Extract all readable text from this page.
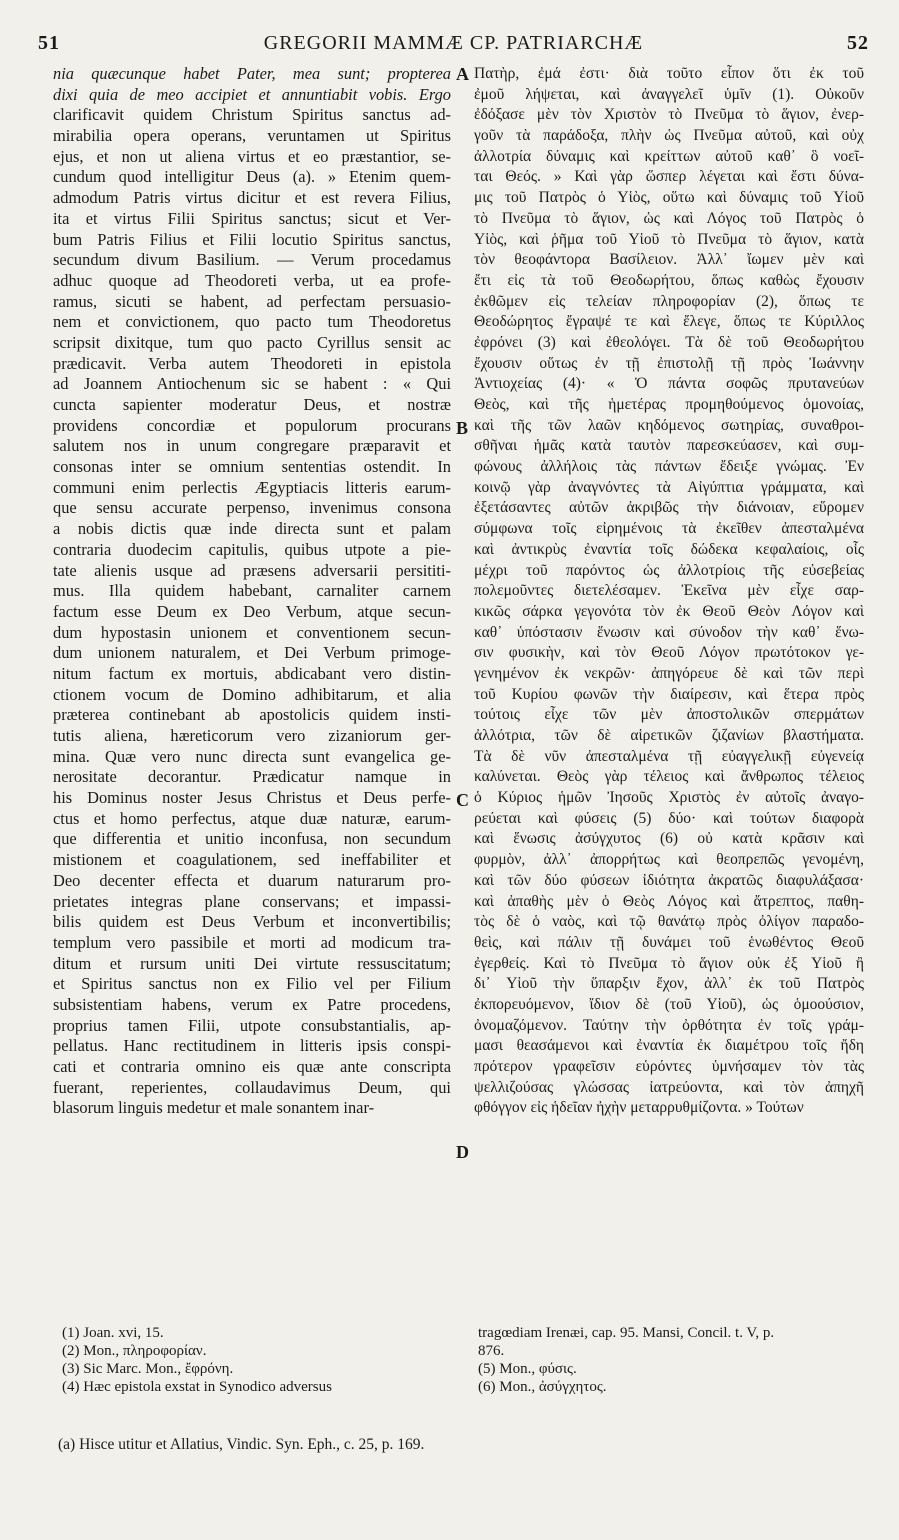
51	GREGORII MAMMÆ CP. PATRIARCHÆ	52
nia quæcunque habet Pater, mea sunt; propterea
dixi quia de meo accipiet et annuntiabit vobis. Ergo
clarificavit quidem Christum Spiritus sanctus ad-
mirabilia opera operans, veruntamen ut Spiritus
ejus, et non ut aliena virtus et eo præstantior, se-
cundum quod intelligitur Deus (a). » Etenim quem-
admodum Patris virtus dicitur et est revera Filius,
ita et virtus Filii Spiritus sanctus; sicut et Ver-
bum Patris Filius et Filii locutio Spiritus sanctus,
secundum divum Basilium. — Verum procedamus
adhuc quoque ad Theodoreti verba, ut ea profe-
ramus, sicuti se habent, ad perfectam persuasio-
nem et convictionem, quo pacto tum Theodoretus
scripsit dixitque, tum quo pacto Cyrillus sensit ac
prædicavit. Verba autem Theodoreti in epistola
ad Joannem Antiochenum sic se habent : « Qui
cuncta sapienter moderatur Deus, et nostræ
providens concordiæ et populorum procurans
salutem nos in unum congregare præparavit et
consonas inter se omnium sententias ostendit. In
communi enim perlectis Ægyptiacis litteris earum-
que sensu accurate perpenso, invenimus consona
a nobis dictis quæ inde directa sunt et palam
contraria duodecim capitulis, quibus utpote a pie-
tate alienis usque ad præsens adversarii persititi-
mus. Illa quidem habebant, carnaliter carnem
factum esse Deum ex Deo Verbum, atque secun-
dum hypostasin unionem et conventionem secun-
dum unionem naturalem, et Dei Verbum primoge-
nitum factum ex mortuis, abdicabant vero distin-
ctionem vocum de Domino adhibitarum, et alia
præterea continebant ab apostolicis quidem insti-
tutis aliena, hæreticorum vero zizaniorum ger-
mina. Quæ vero nunc directa sunt evangelica ge-
nerositate decorantur. Prædicatur namque in
his Dominus noster Jesus Christus et Deus perfe-
ctus et homo perfectus, atque duæ naturæ, earum-
que differentia et unitio inconfusa, non secundum
mistionem et coagulationem, sed ineffabiliter et
Deo decenter effecta et duarum naturarum pro-
prietates integras plane conservans; et impassi-
bilis quidem est Deus Verbum et inconvertibilis;
templum vero passibile et morti ad modicum tra-
ditum et rursum uniti Dei virtute ressuscitatum;
et Spiritus sanctus non ex Filio vel per Filium
subsistentiam habens, verum ex Patre procedens,
proprius tamen Filii, utpote consubstantialis, ap-
pellatus. Hanc rectitudinem in litteris ipsis conspi-
cati et contraria omnino eis quæ ante conscripta
fuerant, reperientes, collaudavimus Deum, qui
blasorum linguis medetur et male sonantem inar-
Πατὴρ, ἐμά ἐστι· διὰ τοῦτο εἶπον ὅτι ἐκ τοῦ
ἐμοῦ λήψεται, καὶ ἀναγγελεῖ ὑμῖν (1). Οὐκοῦν
ἐδόξασε μὲν τὸν Χριστὸν τὸ Πνεῦμα τὸ ἅγιον, ἐνερ-
γοῦν τὰ παράδοξα, πλὴν ὡς Πνεῦμα αὐτοῦ, καὶ οὐχ
ἀλλοτρία δύναμις καὶ κρείττων αὐτοῦ καθ᾽ ὃ νοεῖ-
ται Θεός. » Καὶ γὰρ ὥσπερ λέγεται καὶ ἔστι δύνα-
μις τοῦ Πατρὸς ὁ Υἱὸς, οὕτω καὶ δύναμις τοῦ Υἱοῦ
τὸ Πνεῦμα τὸ ἅγιον, ὡς καὶ Λόγος τοῦ Πατρὸς ὁ
Υἱὸς, καὶ ῥῆμα τοῦ Υἱοῦ τὸ Πνεῦμα τὸ ἅγιον, κατὰ
τὸν θεοφάντορα Βασίλειον. Ἀλλ᾽ ἴωμεν μὲν καὶ
ἔτι εἰς τὰ τοῦ Θεοδωρήτου, ὅπως καθὼς ἔχουσιν
ἐκθῶμεν εἰς τελείαν πληροφορίαν (2), ὅπως τε
Θεοδώρητος ἔγραψέ τε καὶ ἔλεγε, ὅπως τε Κύριλλος
ἐφρόνει (3) καὶ ἐθεολόγει. Τὰ δὲ τοῦ Θεοδωρήτου
ἔχουσιν οὕτως ἐν τῇ ἐπιστολῇ τῇ πρὸς Ἰωάννην
Ἀντιοχείας (4)· « Ὁ πάντα σοφῶς πρυτανεύων
Θεὸς, καὶ τῆς ἡμετέρας προμηθούμενος ὁμονοίας,
καὶ τῆς τῶν λαῶν κηδόμενος σωτηρίας, συναθροι-
σθῆναι ἡμᾶς κατὰ ταυτὸν παρεσκεύασεν, καὶ συμ-
φώνους ἀλλήλοις τὰς πάντων ἔδειξε γνώμας. Ἐν
κοινῷ γὰρ ἀναγνόντες τὰ Αἰγύπτια γράμματα, καὶ
ἐξετάσαντες αὐτῶν ἀκριβῶς τὴν διάνοιαν, εὕρομεν
σύμφωνα τοῖς εἰρημένοις τὰ ἐκεῖθεν ἀπεσταλμένα
καὶ ἀντικρὺς ἐναντία τοῖς δώδεκα κεφαλαίοις, οἷς
μέχρι τοῦ παρόντος ὡς ἀλλοτρίοις τῆς εὐσεβείας
πολεμοῦντες διετελέσαμεν. Ἐκεῖνα μὲν εἶχε σαρ-
κικῶς σάρκα γεγονότα τὸν ἐκ Θεοῦ Θεὸν Λόγον καὶ
καθ᾽ ὑπόστασιν ἕνωσιν καὶ σύνοδον τὴν καθ᾽ ἕνω-
σιν φυσικὴν, καὶ τὸν Θεοῦ Λόγον πρωτότοκον γε-
γενημένον ἐκ νεκρῶν· ἀπηγόρευε δὲ καὶ τῶν περὶ
τοῦ Κυρίου φωνῶν τὴν διαίρεσιν, καὶ ἕτερα πρὸς
τούτοις εἶχε τῶν μὲν ἀποστολικῶν σπερμάτων
ἀλλότρια, τῶν δὲ αἱρετικῶν ζιζανίων βλαστήματα.
Τὰ δὲ νῦν ἀπεσταλμένα τῇ εὐαγγελικῇ εὐγενείᾳ
καλύνεται. Θεὸς γὰρ τέλειος καὶ ἄνθρωπος τέλειος
ὁ Κύριος ἡμῶν Ἰησοῦς Χριστὸς ἐν αὐτοῖς ἀναγο-
ρεύεται καὶ φύσεις (5) δύο· καὶ τούτων διαφορὰ
καὶ ἕνωσις ἀσύγχυτος (6) οὐ κατὰ κρᾶσιν καὶ
φυρμὸν, ἀλλ᾽ ἀπορρήτως καὶ θεοπρεπῶς γενομένη,
καὶ τῶν δύο φύσεων ἰδιότητα ἀκρατῶς διαφυλάξασα·
καὶ ἀπαθὴς μὲν ὁ Θεὸς Λόγος καὶ ἄτρεπτος, παθη-
τὸς δὲ ὁ ναὸς, καὶ τῷ θανάτῳ πρὸς ὀλίγον παραδο-
θεὶς, καὶ πάλιν τῇ δυνάμει τοῦ ἑνωθέντος Θεοῦ
ἐγερθείς. Καὶ τὸ Πνεῦμα τὸ ἅγιον οὐκ ἐξ Υἱοῦ ἢ
δι᾽ Υἱοῦ τὴν ὕπαρξιν ἔχον, ἀλλ᾽ ἐκ τοῦ Πατρὸς
ἐκπορευόμενον, ἴδιον δὲ (τοῦ Υἱοῦ), ὡς ὁμοούσιον,
ὀνομαζόμενον. Ταύτην τὴν ὀρθότητα ἐν τοῖς γράμ-
μασι θεασάμενοι καὶ ἐναντία ἐκ διαμέτρου τοῖς ἤδη
πρότερον γραφεῖσιν εὑρόντες ὑμνήσαμεν τὸν τὰς
ψελλιζούσας γλώσσας ἰατρεύοντα, καὶ τὸν ἀπηχῆ
φθόγγον εἰς ἡδεῖαν ἠχὴν μεταρρυθμίζοντα. » Τούτων
A
B
C
D
(1) Joan. xvi, 15.
(2) Mon., πληροφορίαν.
(3) Sic Marc. Mon., ἔφρόνη.
(4) Hæc epistola exstat in Synodico adversus
tragœdiam Irenæi, cap. 95. Mansi, Concil. t. V, p.
876.
(5) Mon., φύσις.
(6) Mon., ἀσύγχητος.
(a) Hisce utitur et Allatius, Vindic. Syn. Eph., c. 25, p. 169.
